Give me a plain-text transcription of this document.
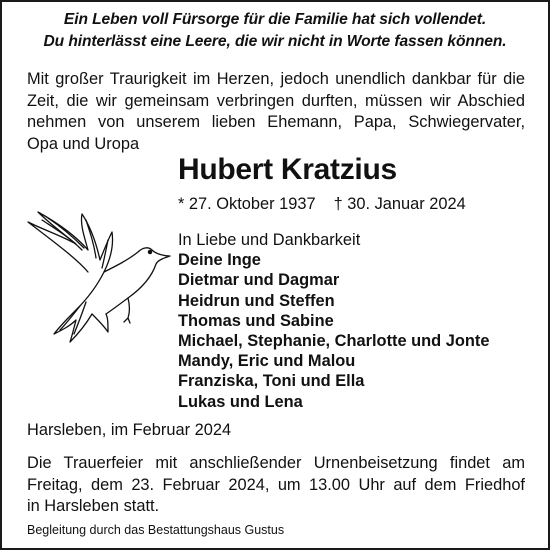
Ein Leben voll Fürsorge für die Familie hat sich vollendet.
Du hinterlässt eine Leere, die wir nicht in Worte fassen können.
Mit großer Traurigkeit im Herzen, jedoch unendlich dankbar für die
Zeit, die wir gemeinsam verbringen durften, müssen wir Abschied
nehmen von unserem lieben Ehemann, Papa, Schwiegervater,
Opa und Uropa
Hubert Kratzius
* 27. Oktober 1937 † 30. Januar 2024
In Liebe und Dankbarkeit
Deine Inge
Dietmar und Dagmar
Heidrun und Steffen
Thomas und Sabine
Michael, Stephanie, Charlotte und Jonte
Mandy, Eric und Malou
Franziska, Toni und Ella
Lukas und Lena
Harsleben, im Februar 2024
Die Trauerfeier mit anschließender Urnenbeisetzung findet am
Freitag, dem 23. Februar 2024, um 13.00 Uhr auf dem Friedhof
in Harsleben statt.
Begleitung durch das Bestattungshaus Gustus
